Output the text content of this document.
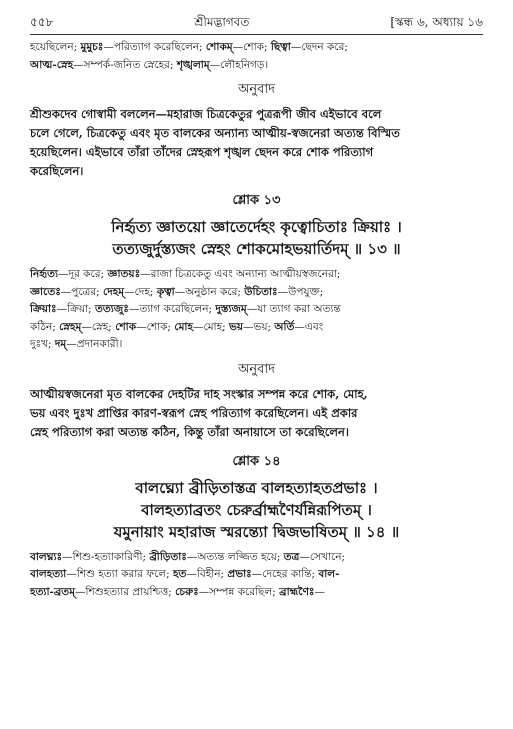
৫৫৮	শ্রীমদ্ভাগবত	[স্কন্ধ ৬, অধ্যায় ১৬
হয়েছিলেন; মুমুচঃ—পরিত্যাগ করেছিলেন; শোকম্—শোক; ছিত্বা—ছেদন করে;
আত্ম-স্নেহ—সম্পর্ক-জনিত স্নেহের; শৃঙ্খলাম্—লৌহনিগড়।
অনুবাদ
শ্রীশুকদেব গোস্বামী বললেন—মহারাজ চিত্রকেতুর পুত্ররূপী জীব এইভাবে বলে
চলে গেলে, চিত্রকেতু এবং মৃত বালকের অন্যান্য আত্মীয়-স্বজনেরা অত্যন্ত বিস্মিত
হয়েছিলেন। এইভাবে তাঁরা তাঁদের স্নেহরূপ শৃঙ্খল ছেদন করে শোক পরিত্যাগ
করেছিলেন।
শ্লোক ১৩
নির্হৃত্য জ্ঞাতয়ো জ্ঞাতের্দেহং কৃত্বোচিতাঃ ক্রিয়াঃ ।
তত্যজুর্দুস্ত্যজং স্নেহং শোকমোহভয়ার্তিদম্ ॥ ১৩ ॥
নির্হৃত্য—দূর করে; জ্ঞাতয়ঃ—রাজা চিত্রকেতু এবং অন্যান্য আত্মীয়স্বজনেরা;
জ্ঞাতেঃ—পুত্রের; দেহম্—দেহ; কৃত্বা—অনুষ্ঠান করে; উচিতাঃ—উপযুক্ত;
ক্রিয়াঃ—ক্রিয়া; তত্যজুঃ—ত্যাগ করেছিলেন; দুস্ত্যজম্—যা ত্যাগ করা অত্যন্ত
কঠিন; স্নেহম্—স্নেহ; শোক—শোক; মোহ—মোহ; ভয়—ভয়; অর্তি—এবং
দুঃখ; দম্—প্রদানকারী।
অনুবাদ
আত্মীয়স্বজনেরা মৃত বালকের দেহটির দাহ সংস্কার সম্পন্ন করে শোক, মোহ,
ভয় এবং দুঃখ প্রাপ্তির কারণ-স্বরূপ স্নেহ পরিত্যাগ করেছিলেন। এই প্রকার
স্নেহ পরিত্যাগ করা অত্যন্ত কঠিন, কিন্তু তাঁরা অনায়াসে তা করেছিলেন।
শ্লোক ১৪
বালঘ্ন্যো ব্রীড়িতাস্তত্র বালহত্যাহতপ্রভাঃ ।
বালহত্যাব্রতং চেরুর্ব্রাহ্মণৈর্যন্নিরূপিতম্ ।
যমুনায়াং মহারাজ স্মরন্ত্যো দ্বিজভাষিতম্ ॥ ১৪ ॥
বালঘ্ন্যঃ—শিশু-হত্যাকারিণী; ব্রীড়িতাঃ—অত্যন্ত লজ্জিত হয়ে; তত্র—সেখানে;
বালহত্যা—শিশু হত্যা করার ফলে; হত—বিহীন; প্রভাঃ—দেহের কান্তি; বাল-
হত্যা-ব্রতম্—শিশুহত্যার প্রায়শ্চিত্ত; চেরুঃ—সম্পন্ন করেছিল; ব্রাহ্মণৈঃ—
